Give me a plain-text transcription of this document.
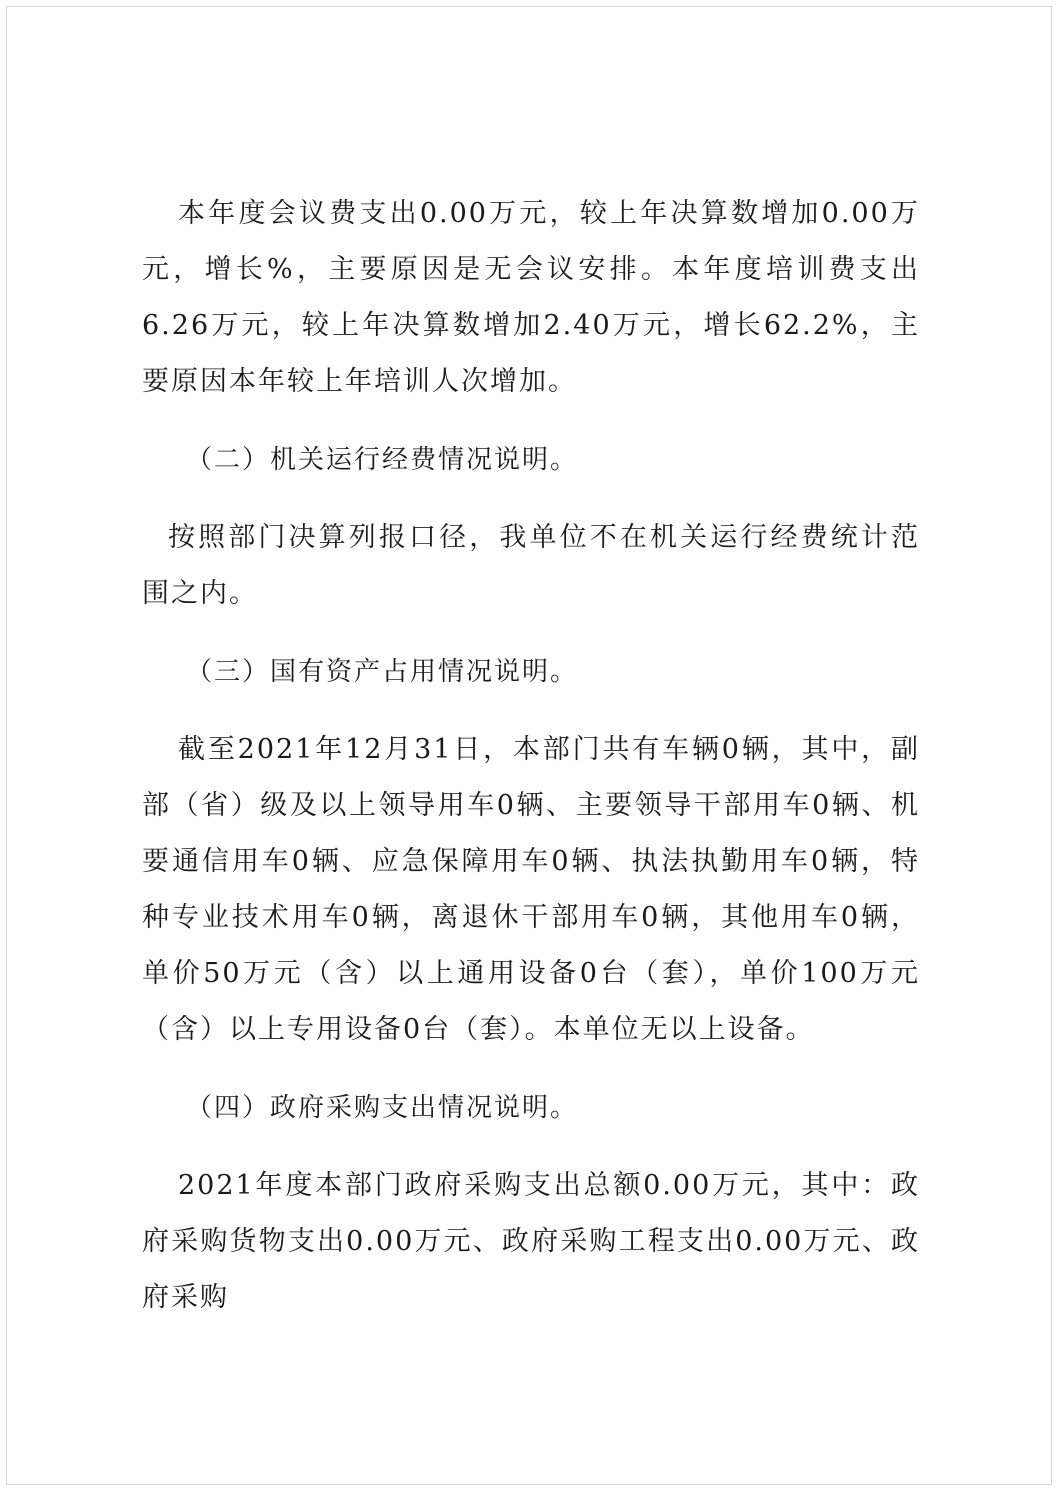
本年度会议费支出0.00万元，较上年决算数增加0.00万元，增长%，主要原因是无会议安排。本年度培训费支出6.26万元，较上年决算数增加2.40万元，增长62.2%，主要原因本年较上年培训人次增加。

（二）机关运行经费情况说明。

按照部门决算列报口径，我单位不在机关运行经费统计范围之内。

（三）国有资产占用情况说明。

截至2021年12月31日，本部门共有车辆0辆，其中，副部（省）级及以上领导用车0辆、主要领导干部用车0辆、机要通信用车0辆、应急保障用车0辆、执法执勤用车0辆，特种专业技术用车0辆，离退休干部用车0辆，其他用车0辆，单价50万元（含）以上通用设备0台（套），单价100万元（含）以上专用设备0台（套）。本单位无以上设备。

（四）政府采购支出情况说明。

2021年度本部门政府采购支出总额0.00万元，其中：政府采购货物支出0.00万元、政府采购工程支出0.00万元、政府采购
